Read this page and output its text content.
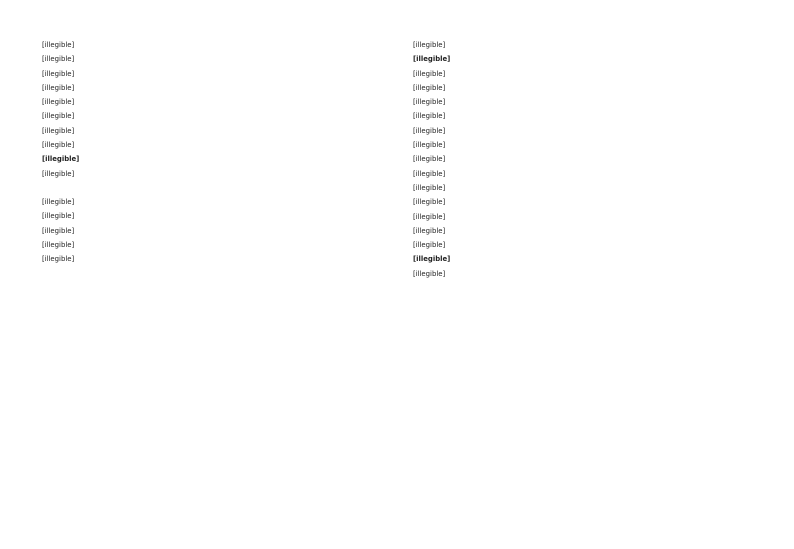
[illegible]

[illegible]

[illegible]

[illegible]

[illegible]

[illegible]

[illegible]

[illegible]

[illegible]

[illegible]

[illegible]

[illegible]

[illegible]

[illegible]

[illegible]

[illegible]

[illegible]

[illegible]

[illegible]

[illegible]

[illegible]

[illegible]

[illegible]

[illegible]

[illegible]

[illegible]

[illegible]

[illegible]

[illegible]

[illegible]

[illegible]

[illegible]
